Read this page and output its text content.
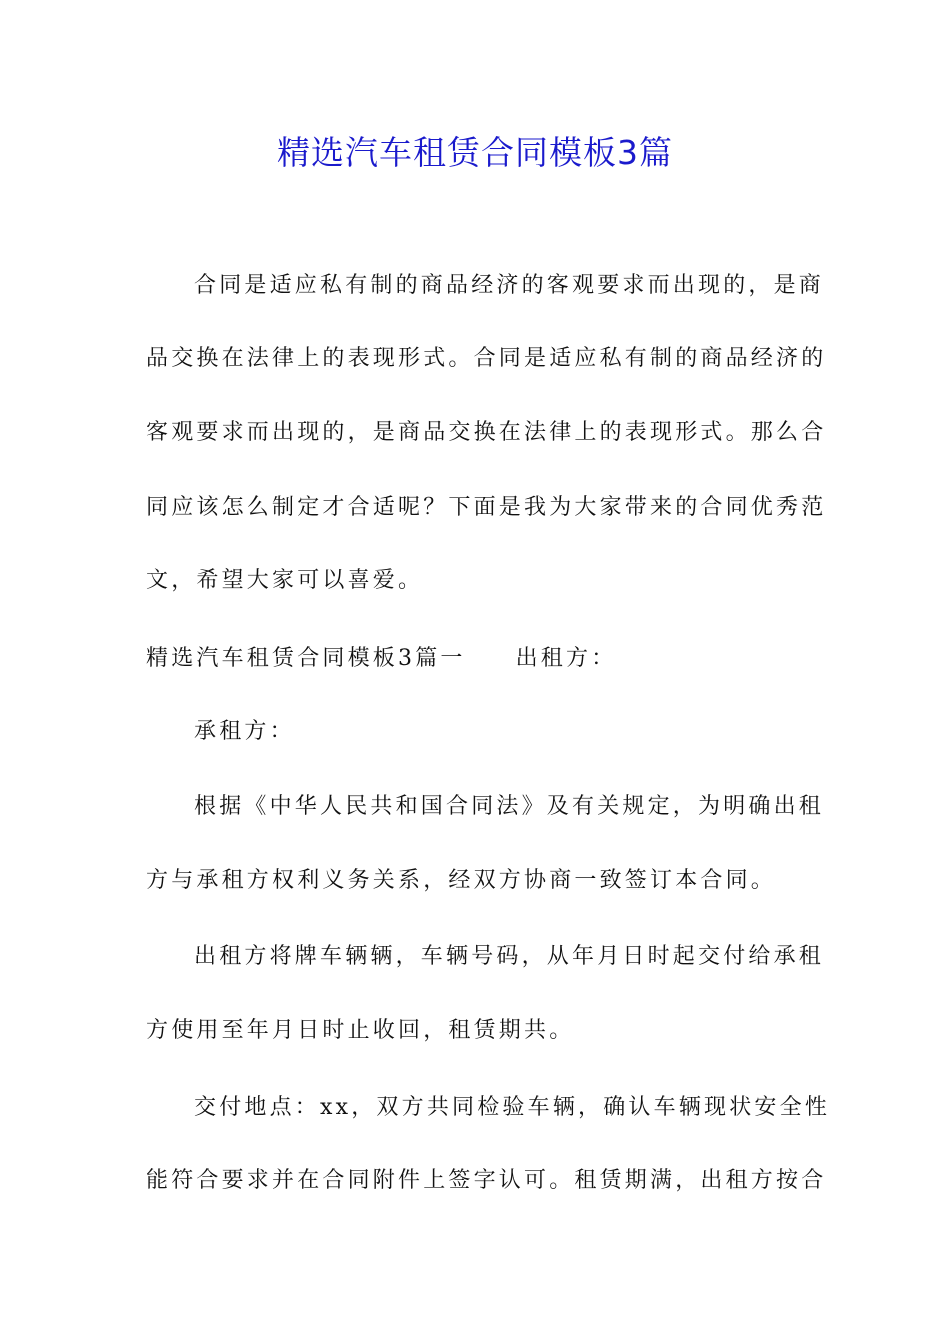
精选汽车租赁合同模板3篇

合同是适应私有制的商品经济的客观要求而出现的，是商

品交换在法律上的表现形式。合同是适应私有制的商品经济的

客观要求而出现的，是商品交换在法律上的表现形式。那么合

同应该怎么制定才合适呢？下面是我为大家带来的合同优秀范

文，希望大家可以喜爱。

精选汽车租赁合同模板3篇一 出租方：

承租方：

根据《中华人民共和国合同法》及有关规定，为明确出租

方与承租方权利义务关系，经双方协商一致签订本合同。

出租方将牌车辆辆，车辆号码，从年月日时起交付给承租

方使用至年月日时止收回，租赁期共。

交付地点：xx，双方共同检验车辆，确认车辆现状安全性

能符合要求并在合同附件上签字认可。租赁期满，出租方按合
